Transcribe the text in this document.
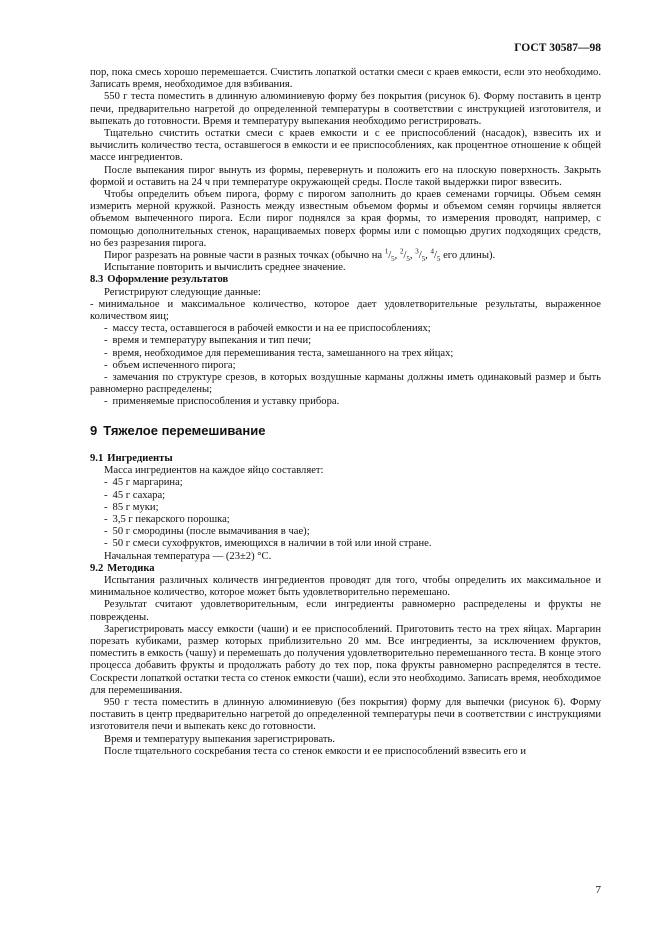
ГОСТ 30587—98

пор, пока смесь хорошо перемешается. Счистить лопаткой остатки смеси с краев емкости, если это необходимо. Записать время, необходимое для взбивания.

550 г теста поместить в длинную алюминиевую форму без покрытия (рисунок 6). Форму поставить в центр печи, предварительно нагретой до определенной температуры в соответствии с инструкцией изготовителя, и выпекать до готовности. Время и температуру выпекания необходимо регистрировать.

Тщательно счистить остатки смеси с краев емкости и с ее приспособлений (насадок), взвесить их и вычислить количество теста, оставшегося в емкости и ее приспособлениях, как процентное отношение к общей массе ингредиентов.

После выпекания пирог вынуть из формы, перевернуть и положить его на плоскую поверхность. Закрыть формой и оставить на 24 ч при температуре окружающей среды. После такой выдержки пирог взвесить.

Чтобы определить объем пирога, форму с пирогом заполнить до краев семенами горчицы. Объем семян измерить мерной кружкой. Разность между известным объемом формы и объемом семян горчицы является объемом выпеченного пирога. Если пирог поднялся за края формы, то измерения проводят, например, с помощью дополнительных стенок, наращиваемых поверх формы или с помощью других подходящих средств, но без разрезания пирога.

Пирог разрезать на ровные части в разных точках (обычно на $^1/_5$, $^2/_5$, $^3/_5$, $^4/_5$ его длины).

Испытание повторить и вычислить среднее значение.

8.3 Оформление результатов

Регистрируют следующие данные:

- минимальное и максимальное количество, которое дает удовлетворительные результаты, выраженное количеством яиц;

- массу теста, оставшегося в рабочей емкости и на ее приспособлениях;

- время и температуру выпекания и тип печи;

- время, необходимое для перемешивания теста, замешанного на трех яйцах;

- объем испеченного пирога;

- замечания по структуре срезов, в которых воздушные карманы должны иметь одинаковый размер и быть равномерно распределены;

- применяемые приспособления и уставку прибора.

9 Тяжелое перемешивание

9.1 Ингредиенты

Масса ингредиентов на каждое яйцо составляет:

- 45 г маргарина;

- 45 г сахара;

- 85 г муки;

- 3,5 г пекарского порошка;

- 50 г смородины (после вымачивания в чае);

- 50 г смеси сухофруктов, имеющихся в наличии в той или иной стране.

Начальная температура — (23±2) °С.

9.2 Методика

Испытания различных количеств ингредиентов проводят для того, чтобы определить их максимальное и минимальное количество, которое может быть удовлетворительно перемешано.

Результат считают удовлетворительным, если ингредиенты равномерно распределены и фрукты не повреждены.

Зарегистрировать массу емкости (чаши) и ее приспособлений. Приготовить тесто на трех яйцах. Маргарин порезать кубиками, размер которых приблизительно 20 мм. Все ингредиенты, за исключением фруктов, поместить в емкость (чашу) и перемешать до получения удовлетворительно перемешанного теста. В конце этого процесса добавить фрукты и продолжать работу до тех пор, пока фрукты равномерно распределятся в тесте. Соскрести лопаткой остатки теста со стенок емкости (чаши), если это необходимо. Записать время, необходимое для перемешивания.

950 г теста поместить в длинную алюминиевую (без покрытия) форму для выпечки (рисунок 6). Форму поставить в центр предварительно нагретой до определенной температуры печи в соответствии с инструкциями изготовителя печи и выпекать кекс до готовности.

Время и температуру выпекания зарегистрировать.

После тщательного соскребания теста со стенок емкости и ее приспособлений взвесить его и

7
